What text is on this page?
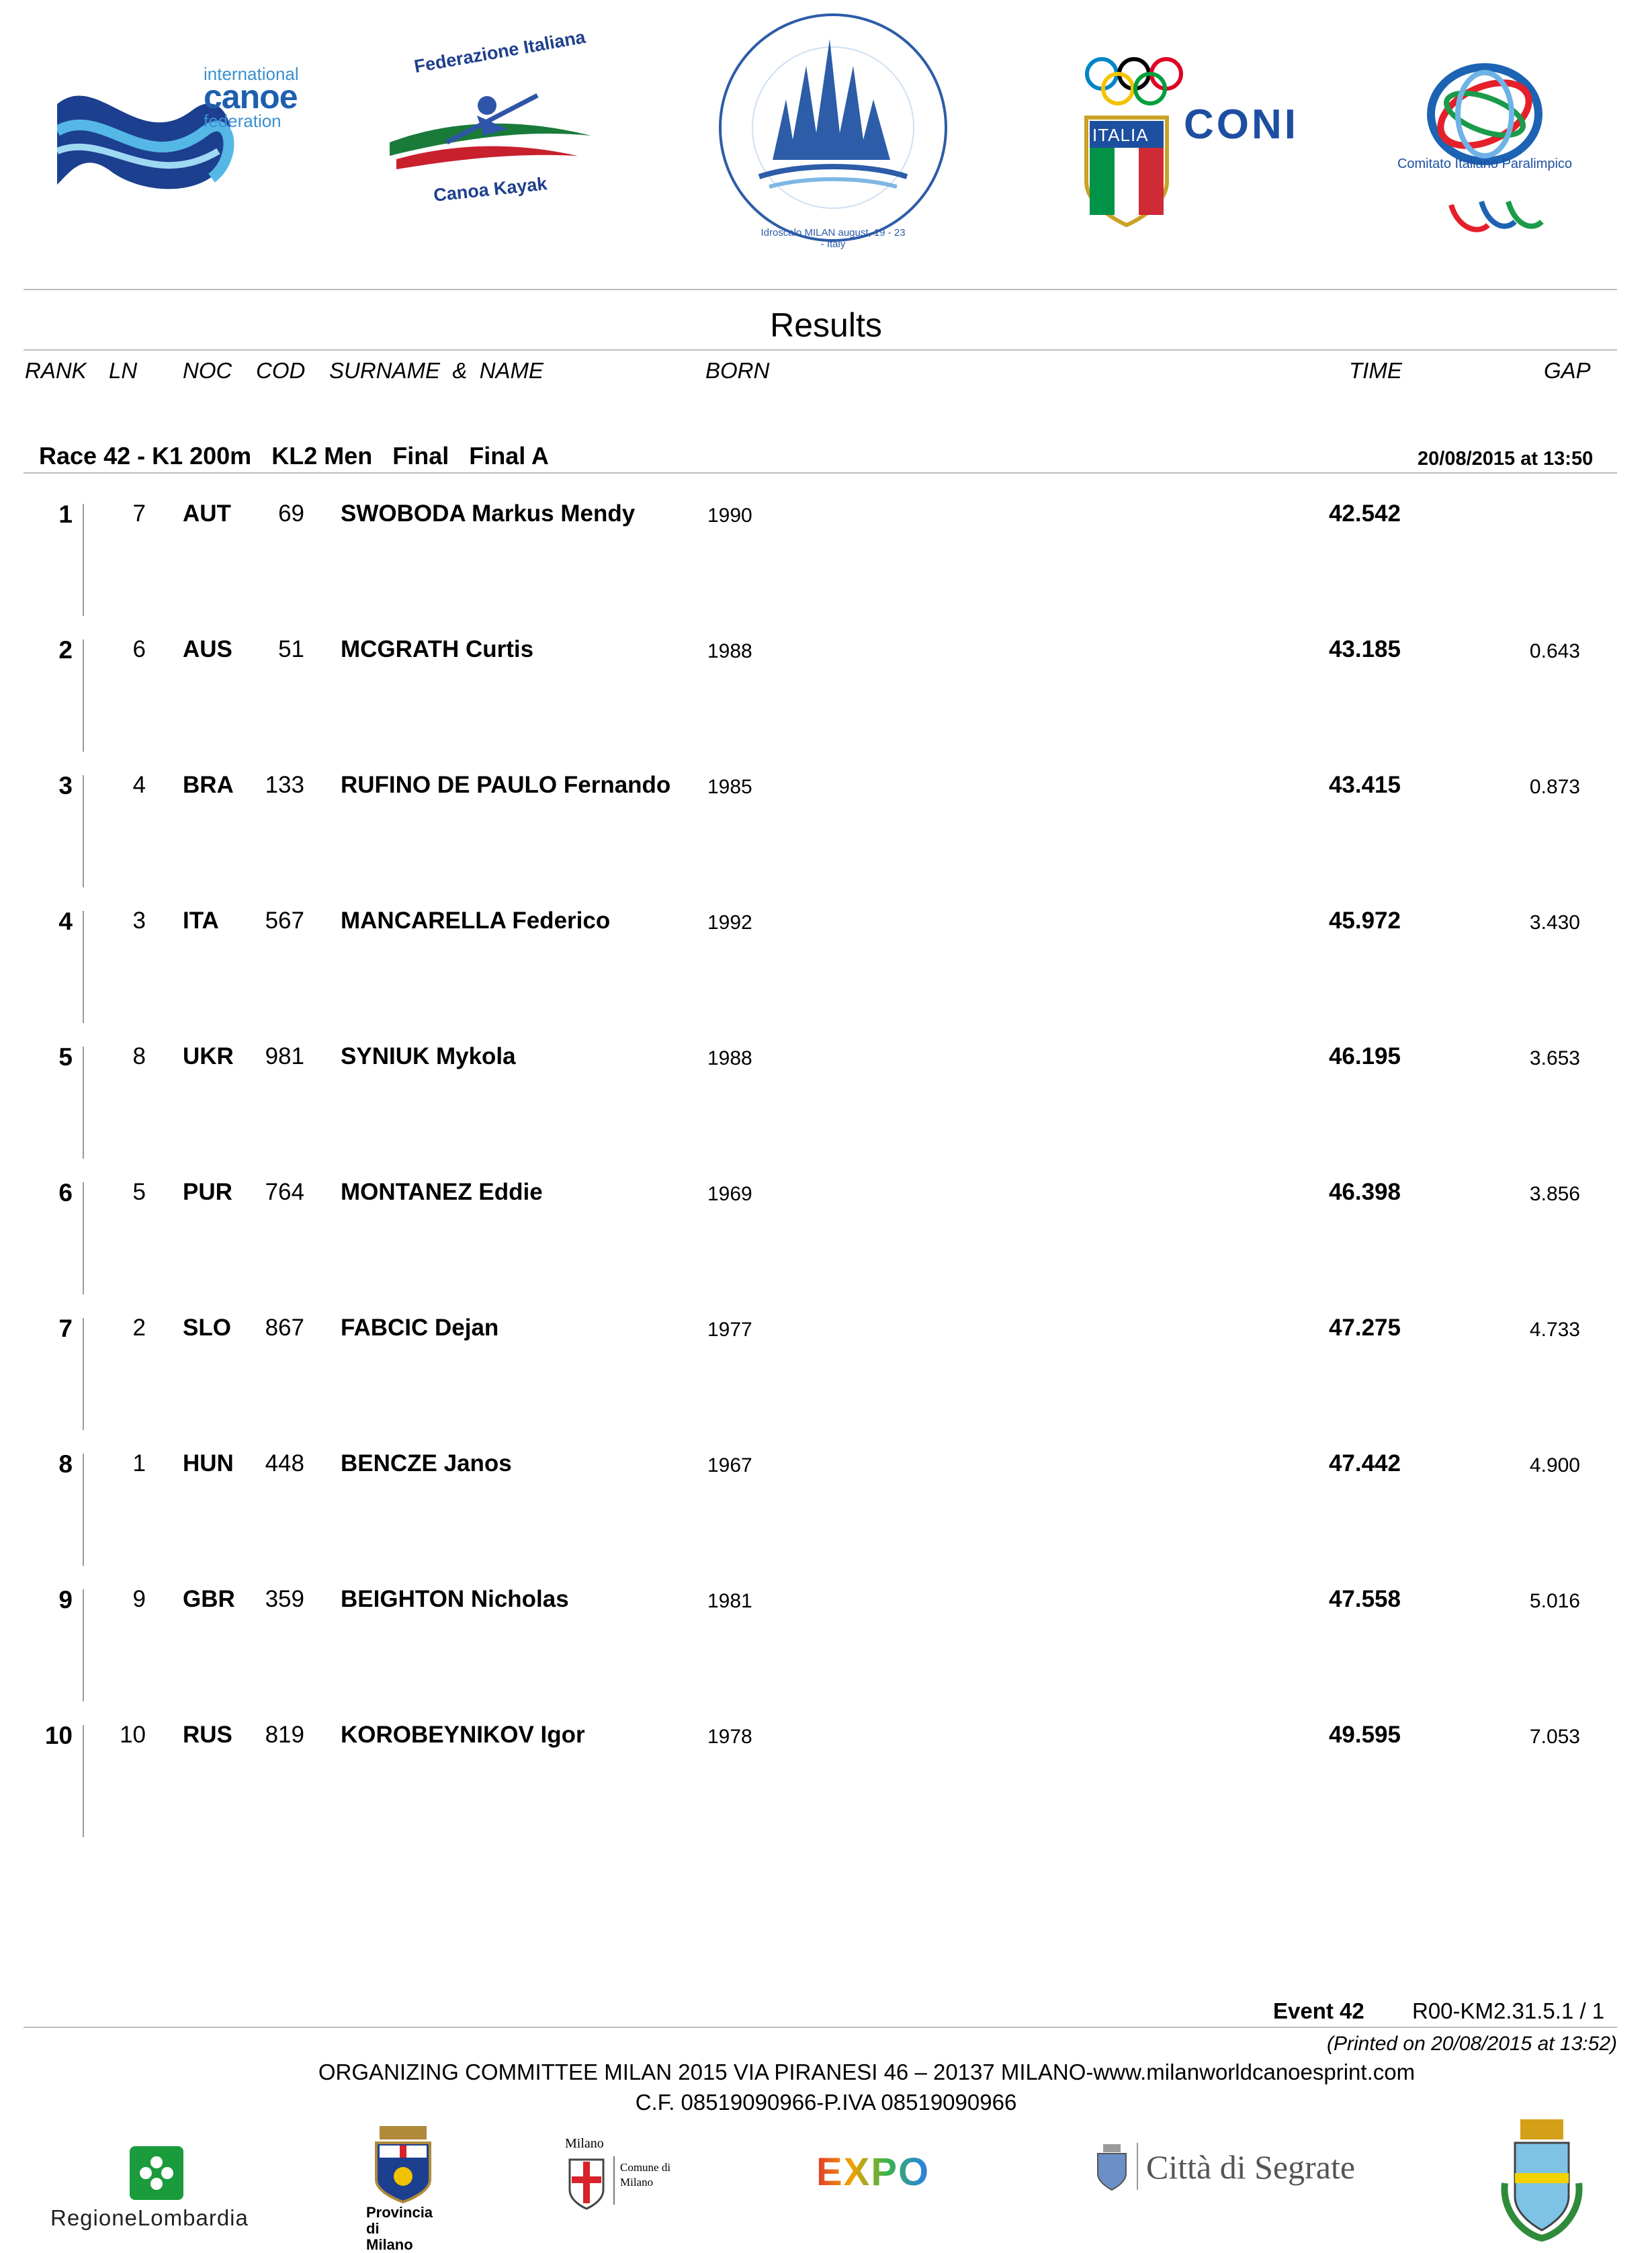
international
canoe
federation
Federazione Italiana
Canoa Kayak
Idroscalo MILAN august, 19 - 23 - Italy
ITALIA CONI
Comitato Italiano Paralimpico
Results
RANK LN NOC COD SURNAME  &  NAME	BORN	TIME	GAP
Race 42 - K1 200m   KL2 Men   Final   Final A	20/08/2015 at 13:50
1	7 AUT	69 SWOBODA Markus Mendy	1990	42.542
2	6 AUS	51 MCGRATH Curtis	1988	43.185	0.643
3	4 BRA	133 RUFINO DE PAULO Fernando 1985	43.415	0.873
4	3 ITA	567 MANCARELLA Federico	1992	45.972	3.430
5	8 UKR	981 SYNIUK Mykola	1988	46.195	3.653
6	5 PUR	764 MONTANEZ Eddie	1969	46.398	3.856
7	2 SLO	867 FABCIC Dejan	1977	47.275	4.733
8	1 HUN	448 BENCZE Janos	1967	47.442	4.900
9	9 GBR	359 BEIGHTON Nicholas	1981	47.558	5.016
10	10 RUS	819 KOROBEYNIKOV Igor	1978	49.595	7.053
Event 42 R00-KM2.31.5.1 / 1
(Printed on 20/08/2015 at 13:52)
ORGANIZING COMMITTEE MILAN 2015 VIA PIRANESI 46 – 20137 MILANO-www.milanworldcanoesprint.com
C.F. 08519090966-P.IVA 08519090966
RegioneLombardia	Provincia di Milano
Milano
Comune di Milano	EXPO	Città di Segrate
